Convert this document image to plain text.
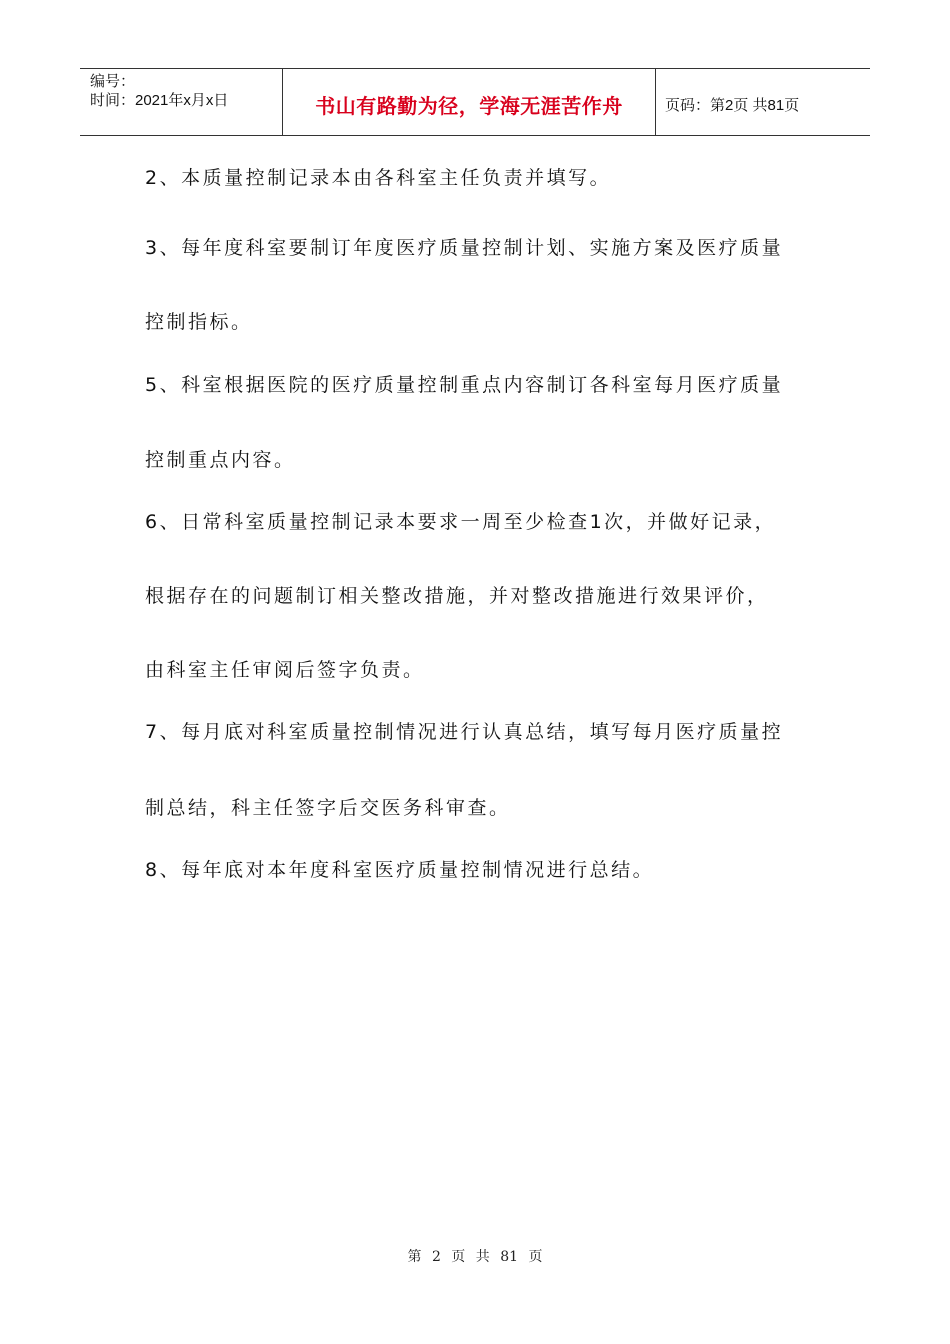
编号：
时间：2021年x月x日	书山有路勤为径，学海无涯苦作舟	页码：第2页 共81页
2、本质量控制记录本由各科室主任负责并填写。
3、每年度科室要制订年度医疗质量控制计划、实施方案及医疗质量
控制指标。
5、科室根据医院的医疗质量控制重点内容制订各科室每月医疗质量
控制重点内容。
6、日常科室质量控制记录本要求一周至少检查1次，并做好记录，
根据存在的问题制订相关整改措施，并对整改措施进行效果评价，
由科室主任审阅后签字负责。
7、每月底对科室质量控制情况进行认真总结，填写每月医疗质量控
制总结，科主任签字后交医务科审查。
8、每年底对本年度科室医疗质量控制情况进行总结。
第 2 页 共 81 页
